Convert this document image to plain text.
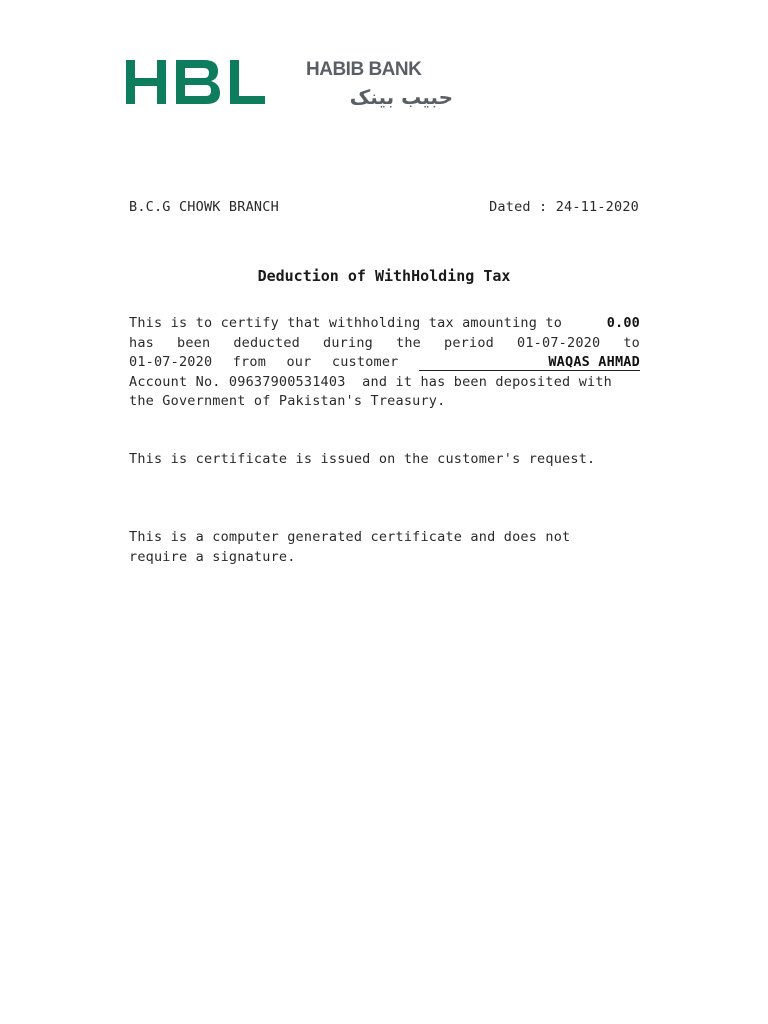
HABIB BANK
حبیب بینک
B.C.G CHOWK BRANCH	Dated : 24-11-2020
Deduction of WithHolding Tax
This is to certify that withholding tax amounting to	0.00
has been deducted during the period 01-07-2020 to
01-07-2020 from our customer	WAQAS AHMAD
Account No. 09637900531403  and it has been deposited with
the Government of Pakistan's Treasury.
This is certificate is issued on the customer's request.
This is a computer generated certificate and does not
require a signature.
